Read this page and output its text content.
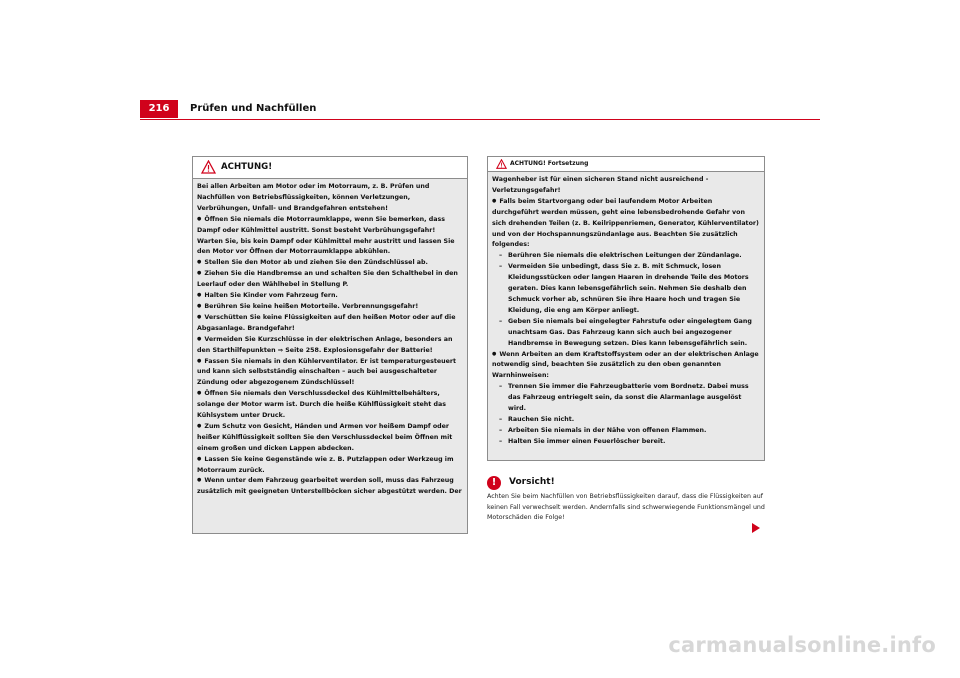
216	Prüfen und Nachfüllen
ACHTUNG!

Bei allen Arbeiten am Motor oder im Motorraum, z. B. Prüfen und Nachfüllen von Betriebsflüssigkeiten, können Verletzungen, Verbrühungen, Unfall- und Brandgefahren entstehen!

● Öffnen Sie niemals die Motorraumklappe, wenn Sie bemerken, dass Dampf oder Kühlmittel austritt. Sonst besteht Verbrühungsgefahr! Warten Sie, bis kein Dampf oder Kühlmittel mehr austritt und lassen Sie den Motor vor Öffnen der Motorraumklappe abkühlen.

● Stellen Sie den Motor ab und ziehen Sie den Zündschlüssel ab.

● Ziehen Sie die Handbremse an und schalten Sie den Schalthebel in den Leerlauf oder den Wählhebel in Stellung P.

● Halten Sie Kinder vom Fahrzeug fern.

● Berühren Sie keine heißen Motorteile. Verbrennungsgefahr!

● Verschütten Sie keine Flüssigkeiten auf den heißen Motor oder auf die Abgasanlage. Brandgefahr!

● Vermeiden Sie Kurzschlüsse in der elektrischen Anlage, besonders an den Starthilfepunkten ⇒ Seite 258. Explosionsgefahr der Batterie!

● Fassen Sie niemals in den Kühlerventilator. Er ist temperaturgesteuert und kann sich selbstständig einschalten – auch bei ausgeschalteter Zündung oder abgezogenem Zündschlüssel!

● Öffnen Sie niemals den Verschlussdeckel des Kühlmittelbehälters, solange der Motor warm ist. Durch die heiße Kühlflüssigkeit steht das Kühlsystem unter Druck.

● Zum Schutz von Gesicht, Händen und Armen vor heißem Dampf oder heißer Kühlflüssigkeit sollten Sie den Verschlussdeckel beim Öffnen mit einem großen und dicken Lappen abdecken.

● Lassen Sie keine Gegenstände wie z. B. Putzlappen oder Werkzeug im Motorraum zurück.

● Wenn unter dem Fahrzeug gearbeitet werden soll, muss das Fahrzeug zusätzlich mit geeigneten Unterstellböcken sicher abgestützt werden. Der

ACHTUNG! Fortsetzung

Wagenheber ist für einen sicheren Stand nicht ausreichend - Verletzungsgefahr!

● Falls beim Startvorgang oder bei laufendem Motor Arbeiten durchgeführt werden müssen, geht eine lebensbedrohende Gefahr von sich drehenden Teilen (z. B. Keilrippenriemen, Generator, Kühlerventilator) und von der Hochspannungszündanlage aus. Beachten Sie zusätzlich folgendes:

– Berühren Sie niemals die elektrischen Leitungen der Zündanlage.

– Vermeiden Sie unbedingt, dass Sie z. B. mit Schmuck, losen Kleidungsstücken oder langen Haaren in drehende Teile des Motors geraten. Dies kann lebensgefährlich sein. Nehmen Sie deshalb den Schmuck vorher ab, schnüren Sie ihre Haare hoch und tragen Sie Kleidung, die eng am Körper anliegt.

– Geben Sie niemals bei eingelegter Fahrstufe oder eingelegtem Gang unachtsam Gas. Das Fahrzeug kann sich auch bei angezogener Handbremse in Bewegung setzen. Dies kann lebensgefährlich sein.

● Wenn Arbeiten an dem Kraftstoffsystem oder an der elektrischen Anlage notwendig sind, beachten Sie zusätzlich zu den oben genannten Warnhinweisen:

– Trennen Sie immer die Fahrzeugbatterie vom Bordnetz. Dabei muss das Fahrzeug entriegelt sein, da sonst die Alarmanlage ausgelöst wird.

– Rauchen Sie nicht.

– Arbeiten Sie niemals in der Nähe von offenen Flammen.

– Halten Sie immer einen Feuerlöscher bereit.

!	Vorsicht!

Achten Sie beim Nachfüllen von Betriebsflüssigkeiten darauf, dass die Flüssigkeiten auf keinen Fall verwechselt werden. Andernfalls sind schwerwiegende Funktionsmängel und Motorschäden die Folge!

carmanualsonline.info
